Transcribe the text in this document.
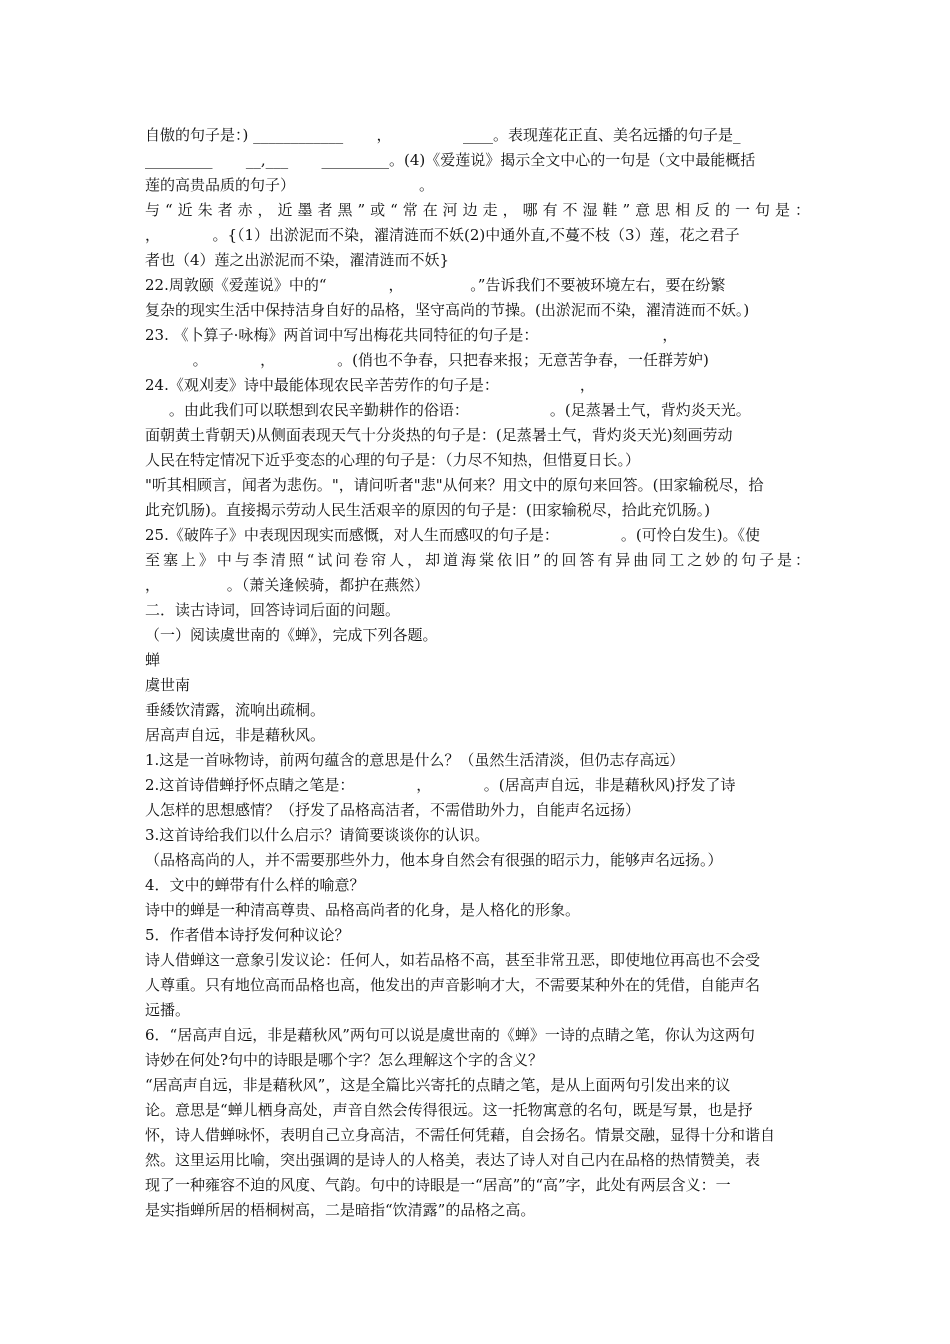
自傲的句子是：) ____________       ，               ____。表现莲花正直、美名远播的句子是_
_________       __,___       _________。(4)《爱莲说》揭示全文中心的一句是（文中最能概括
莲的高贵品质的句子）                          。
与“近朱者赤，近墨者黑”或“常在河边走，哪有不湿鞋”意思相反的一句是：
，           。{（1）出淤泥而不染，濯清涟而不妖(2)中通外直,不蔓不枝（3）莲，花之君子
者也（4）莲之出淤泥而不染，濯清涟而不妖}
22.周敦颐《爱莲说》中的“             ，              。”告诉我们不要被环境左右，要在纷繁
复杂的现实生活中保持洁身自好的品格，坚守高尚的节操。(出淤泥而不染，濯清涟而不妖。)
23. 《卜算子·咏梅》两首词中写出梅花共同特征的句子是：                          ，
。           ，             。(俏也不争春，只把春来报；无意苦争春，一任群芳妒)
24.《观刈麦》诗中最能体现农民辛苦劳作的句子是：                 ，
。由此我们可以联想到农民辛勤耕作的俗语：                 。(足蒸暑土气，背灼炎天光。
面朝黄土背朝天)从侧面表现天气十分炎热的句子是：(足蒸暑土气，背灼炎天光)刻画劳动
人民在特定情况下近乎变态的心理的句子是：（力尽不知热，但惜夏日长。）
"听其相顾言，闻者为悲伤。"，请问听者"悲"从何来？用文中的原句来回答。(田家输税尽，拾
此充饥肠)。直接揭示劳动人民生活艰辛的原因的句子是：(田家输税尽，拾此充饥肠。)
25.《破阵子》中表现因现实而感慨，对人生而感叹的句子是：             。(可怜白发生)。《使
至塞上》中与李清照“试问卷帘人，却道海棠依旧”的回答有异曲同工之妙的句子是：
，              。（萧关逢候骑，都护在燕然）
二．读古诗词，回答诗词后面的问题。
（一）阅读虞世南的《蝉》，完成下列各题。
蝉
虞世南
垂緌饮清露，流响出疏桐。
居高声自远，非是藉秋风。
1.这是一首咏物诗，前两句蕴含的意思是什么？（虽然生活清淡，但仍志存高远）
2.这首诗借蝉抒怀点睛之笔是：             ，           。(居高声自远，非是藉秋风)抒发了诗
人怎样的思想感情？（抒发了品格高洁者，不需借助外力，自能声名远扬）
3.这首诗给我们以什么启示？请简要谈谈你的认识。
（品格高尚的人，并不需要那些外力，他本身自然会有很强的昭示力，能够声名远扬。）
4．文中的蝉带有什么样的喻意？
诗中的蝉是一种清高尊贵、品格高尚者的化身，是人格化的形象。
5．作者借本诗抒发何种议论？
诗人借蝉这一意象引发议论：任何人，如若品格不高，甚至非常丑恶，即使地位再高也不会受
人尊重。只有地位高而品格也高，他发出的声音影响才大，不需要某种外在的凭借，自能声名
远播。
6．“居高声自远，非是藉秋风”两句可以说是虞世南的《蝉》一诗的点睛之笔，你认为这两句
诗妙在何处?句中的诗眼是哪个字？怎么理解这个字的含义？
“居高声自远，非是藉秋风”，这是全篇比兴寄托的点睛之笔，是从上面两句引发出来的议
论。意思是“蝉儿栖身高处，声音自然会传得很远。这一托物寓意的名句，既是写景，也是抒
怀，诗人借蝉咏怀，表明自己立身高洁，不需任何凭藉，自会扬名。情景交融，显得十分和谐自
然。这里运用比喻，突出强调的是诗人的人格美，表达了诗人对自己内在品格的热情赞美，表
现了一种雍容不迫的风度、气韵。句中的诗眼是一“居高”的“高”字，此处有两层含义：一
是实指蝉所居的梧桐树高，二是暗指“饮清露”的品格之高。
